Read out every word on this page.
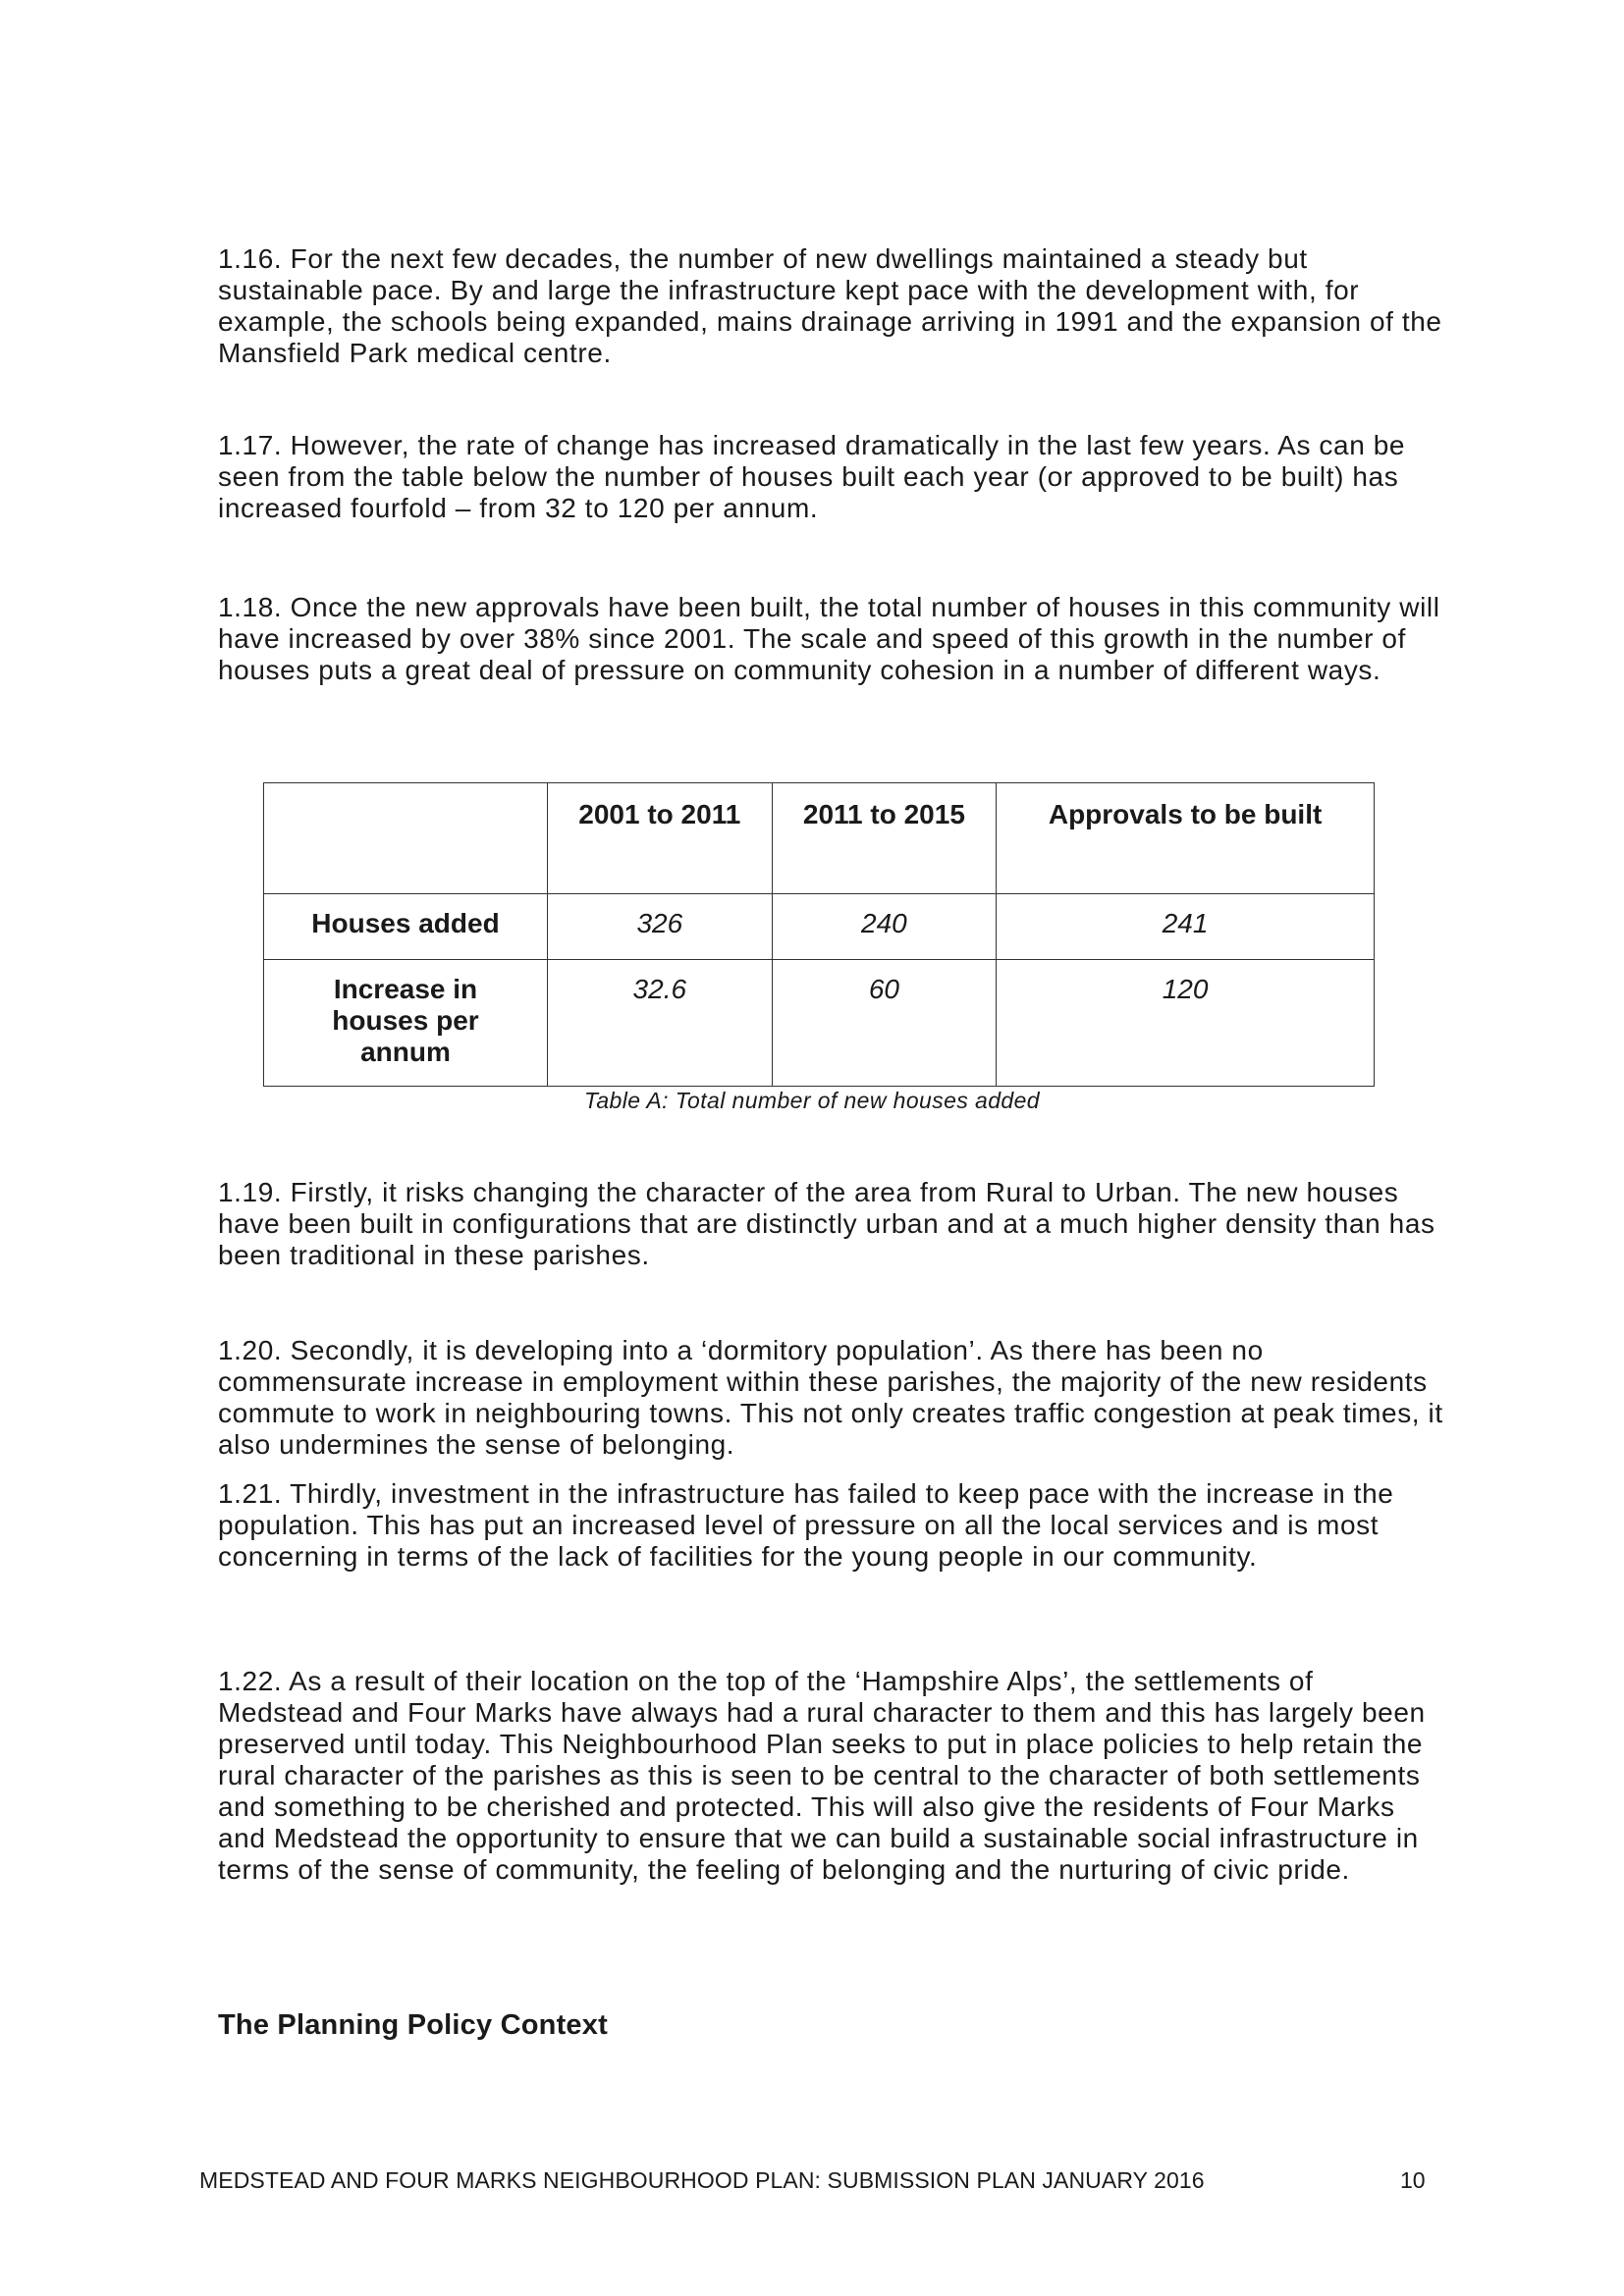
1.16. For the next few decades, the number of new dwellings maintained a steady but sustainable pace. By and large the infrastructure kept pace with the development with, for example, the schools being expanded, mains drainage arriving in 1991 and the expansion of the Mansfield Park medical centre.

1.17. However, the rate of change has increased dramatically in the last few years. As can be seen from the table below the number of houses built each year (or approved to be built) has increased fourfold – from 32 to 120 per annum.

1.18. Once the new approvals have been built, the total number of houses in this community will have increased by over 38% since 2001. The scale and speed of this growth in the number of houses puts a great deal of pressure on community cohesion in a number of different ways.

	2001 to 2011	2011 to 2015	Approvals to be built
Houses added	326	240	241
Increase in houses per annum	32.6	60	120
Table A: Total number of new houses added

1.19. Firstly, it risks changing the character of the area from Rural to Urban. The new houses have been built in configurations that are distinctly urban and at a much higher density than has been traditional in these parishes.

1.20. Secondly, it is developing into a ‘dormitory population’. As there has been no commensurate increase in employment within these parishes, the majority of the new residents commute to work in neighbouring towns. This not only creates traffic congestion at peak times, it also undermines the sense of belonging.

1.21. Thirdly, investment in the infrastructure has failed to keep pace with the increase in the population. This has put an increased level of pressure on all the local services and is most concerning in terms of the lack of facilities for the young people in our community.

1.22. As a result of their location on the top of the ‘Hampshire Alps’, the settlements of Medstead and Four Marks have always had a rural character to them and this has largely been preserved until today. This Neighbourhood Plan seeks to put in place policies to help retain the rural character of the parishes as this is seen to be central to the character of both settlements and something to be cherished and protected. This will also give the residents of Four Marks and Medstead the opportunity to ensure that we can build a sustainable social infrastructure in terms of the sense of community, the feeling of belonging and the nurturing of civic pride.

The Planning Policy Context
MEDSTEAD AND FOUR MARKS NEIGHBOURHOOD PLAN: SUBMISSION PLAN JANUARY 2016	10
